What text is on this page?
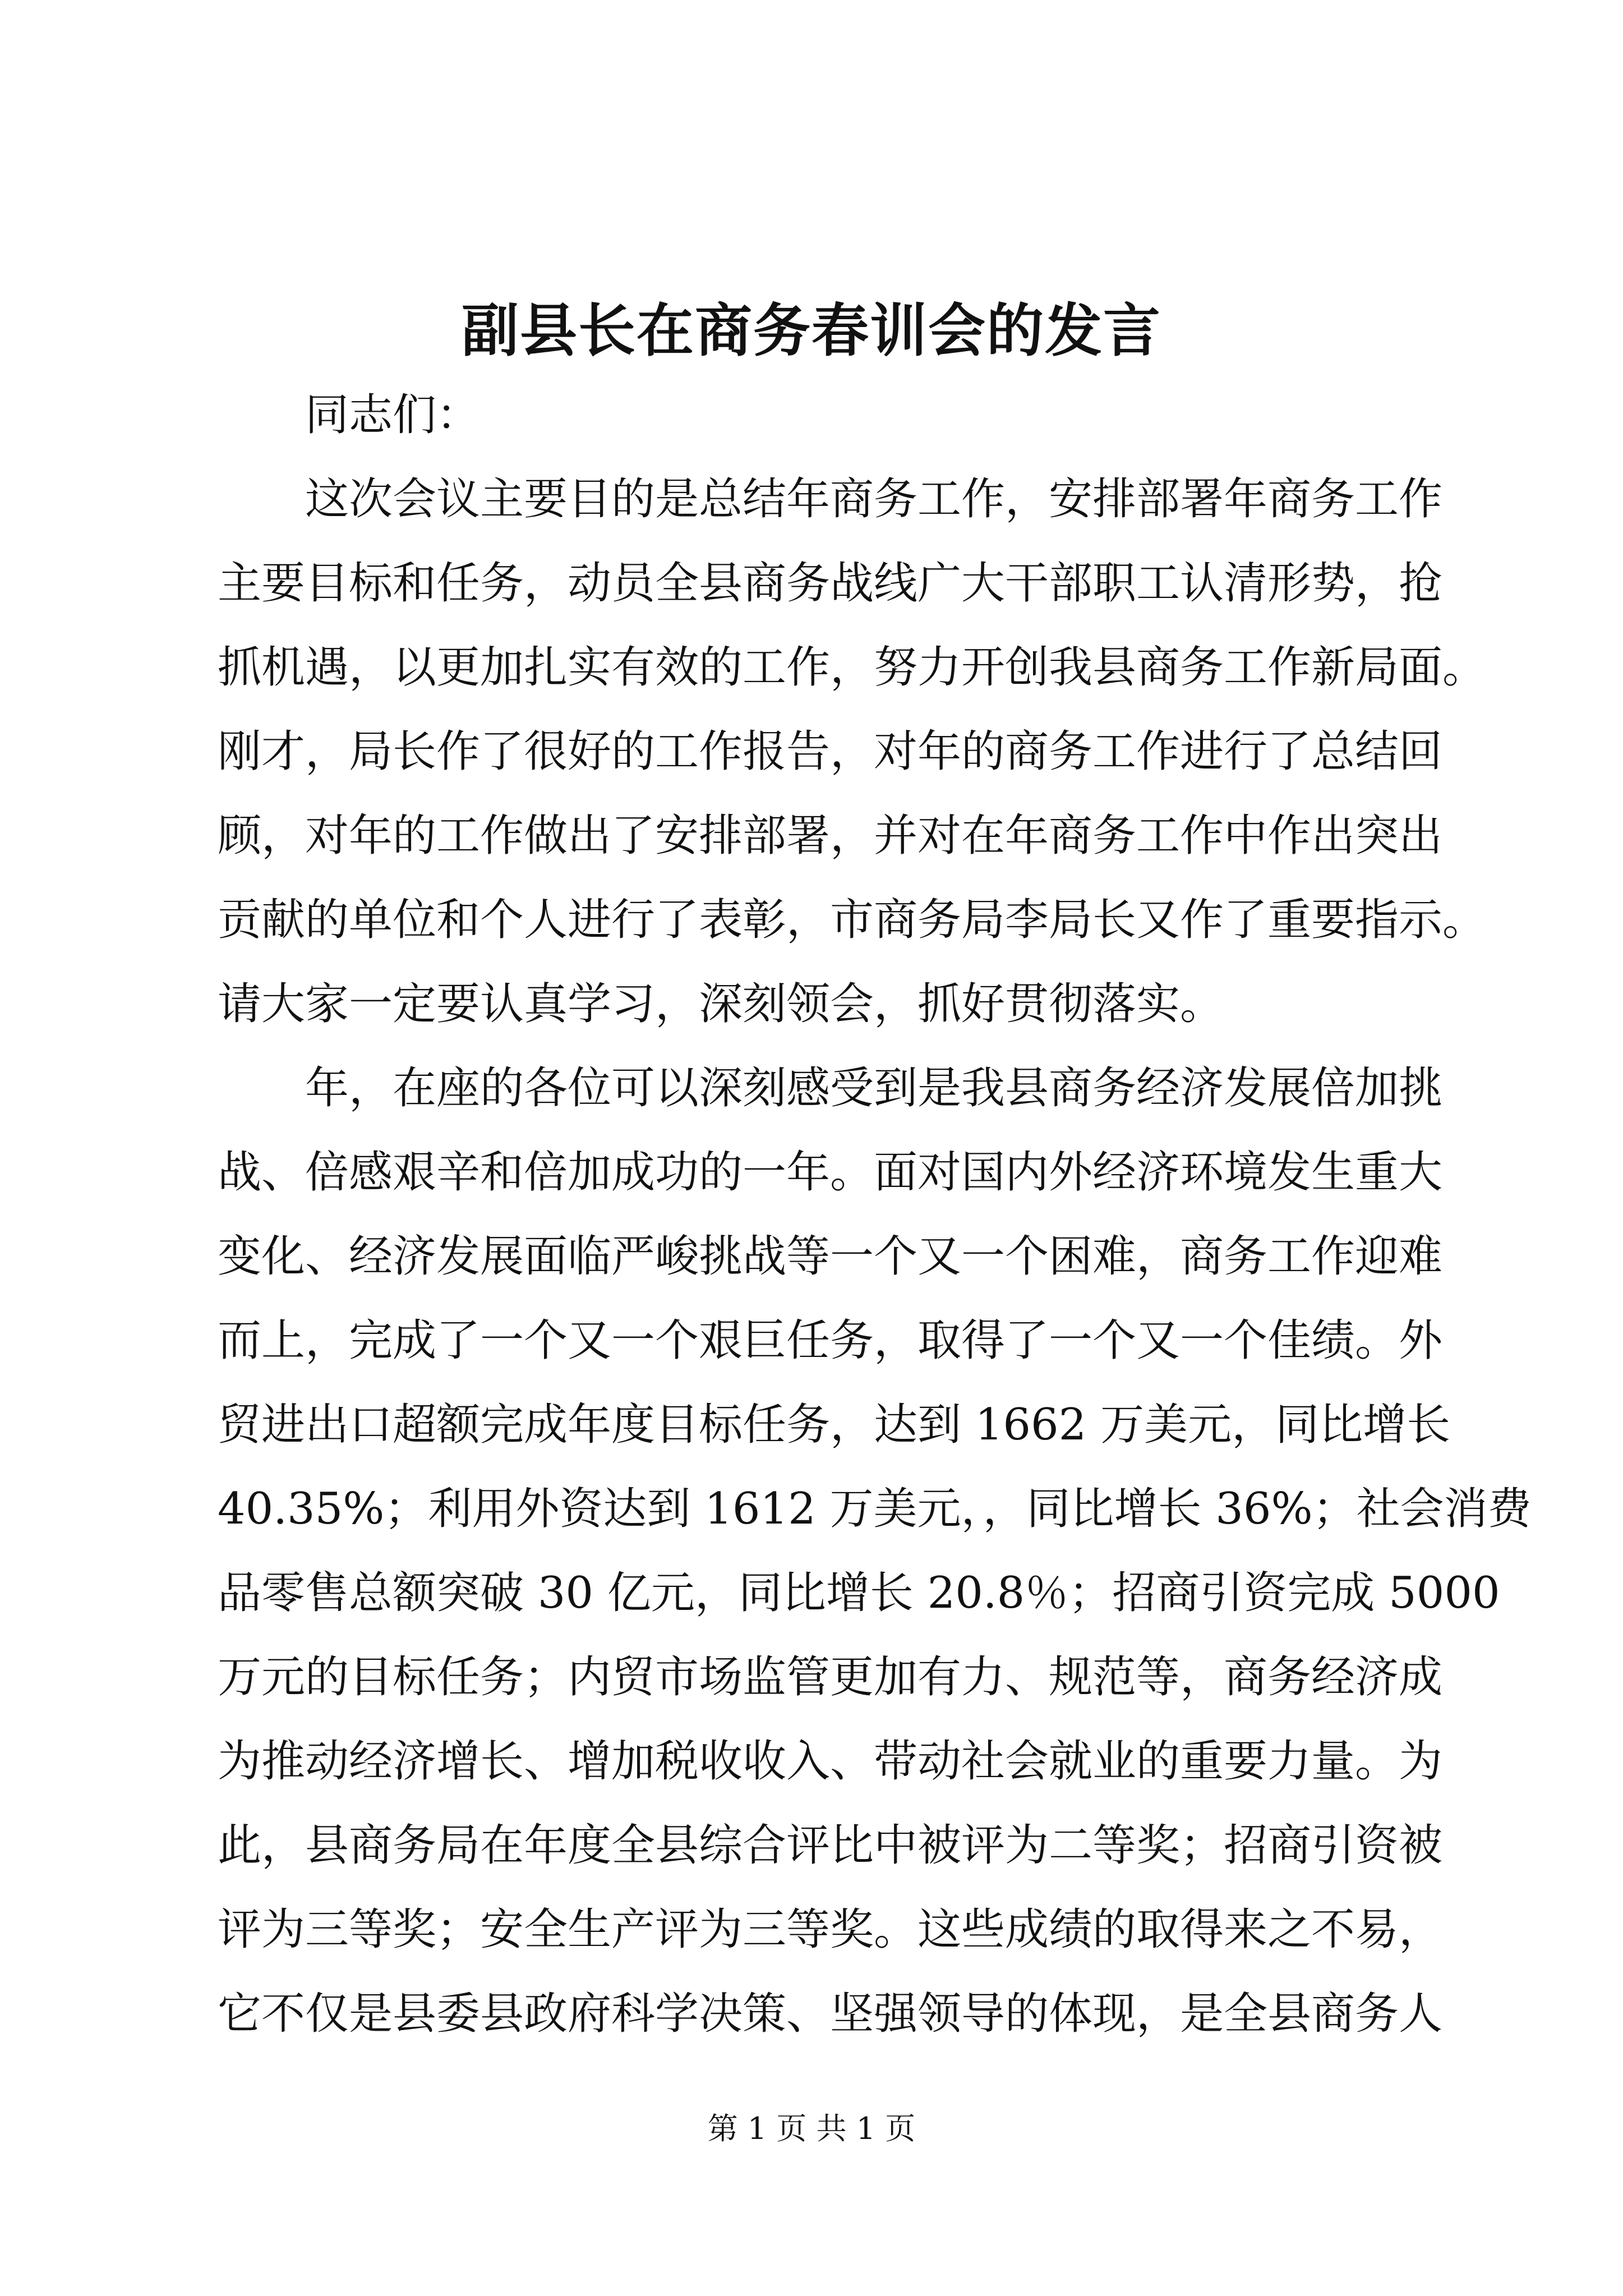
副县长在商务春训会的发言
同志们：
这次会议主要目的是总结年商务工作，安排部署年商务工作
主要目标和任务，动员全县商务战线广大干部职工认清形势，抢
抓机遇，以更加扎实有效的工作，努力开创我县商务工作新局面。
刚才，局长作了很好的工作报告，对年的商务工作进行了总结回
顾，对年的工作做出了安排部署，并对在年商务工作中作出突出
贡献的单位和个人进行了表彰，市商务局李局长又作了重要指示。
请大家一定要认真学习，深刻领会，抓好贯彻落实。
年，在座的各位可以深刻感受到是我县商务经济发展倍加挑
战、倍感艰辛和倍加成功的一年。面对国内外经济环境发生重大
变化、经济发展面临严峻挑战等一个又一个困难，商务工作迎难
而上，完成了一个又一个艰巨任务，取得了一个又一个佳绩。外
贸进出口超额完成年度目标任务，达到 1662 万美元，同比增长
40.35%；利用外资达到 1612 万美元，，同比增长 36%；社会消费
品零售总额突破 30 亿元，同比增长 20.8％；招商引资完成 5000
万元的目标任务；内贸市场监管更加有力、规范等，商务经济成
为推动经济增长、增加税收收入、带动社会就业的重要力量。为
此，县商务局在年度全县综合评比中被评为二等奖；招商引资被
评为三等奖；安全生产评为三等奖。这些成绩的取得来之不易，
它不仅是县委县政府科学决策、坚强领导的体现，是全县商务人
第 1 页 共 1 页
